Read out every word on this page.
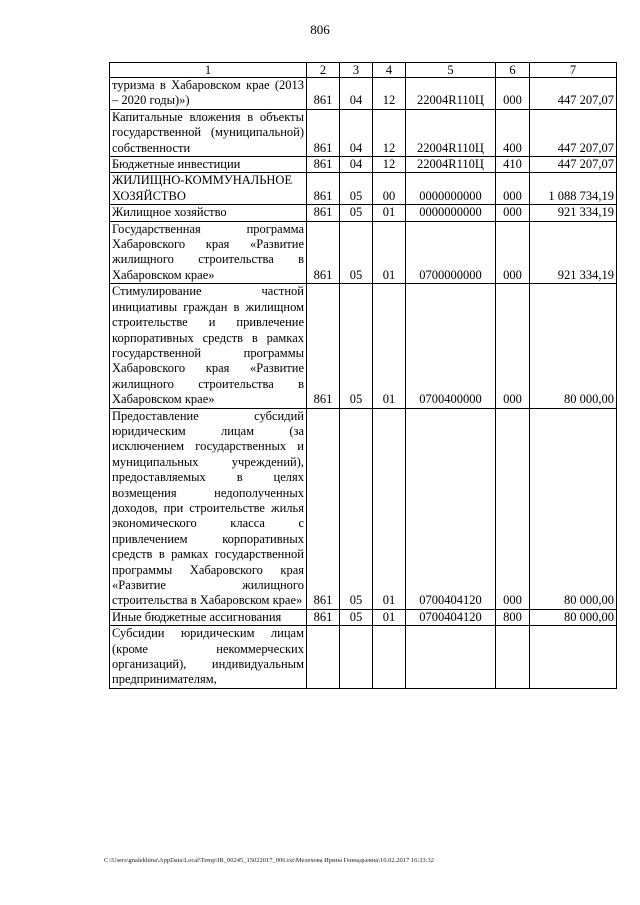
806
1	2	3	4	5	6	7

туризма в Хабаровском крае (2013 – 2020 годы)»)	861	04	12	22004R110Ц	000	447 207,07

Капитальные вложения в объекты государственной (муниципальной) собственности	861	04	12	22004R110Ц	400	447 207,07

Бюджетные инвестиции	861	04	12	22004R110Ц	410	447 207,07

ЖИЛИЩНО-КОММУНАЛЬНОЕ ХОЗЯЙСТВО	861	05	00	0000000000	000	1 088 734,19

Жилищное хозяйство	861	05	01	0000000000	000	921 334,19

Государственная программа Хабаровского края «Развитие жилищного строительства в Хабаровском крае»	861	05	01	0700000000	000	921 334,19

Стимулирование частной инициативы граждан в жилищном строительстве и привлечение корпоративных средств в рамках государственной программы Хабаровского края «Развитие жилищного строительства в Хабаровском крае»	861	05	01	0700400000	000	80 000,00

Предоставление субсидий юридическим лицам (за исключением государственных и муниципальных учреждений), предоставляемых в целях возмещения недополученных доходов, при строительстве жилья экономического класса с привлечением корпоративных средств в рамках государственной программы Хабаровского края «Развитие жилищного строительства в Хабаровском крае»	861	05	01	0700404120	000	80 000,00

Иные бюджетные ассигнования	861	05	01	0700404120	800	80 000,00

Субсидии юридическим лицам (кроме некоммерческих организаций), индивидуальным предпринимателям,						

C:\Users\gnalekhina\AppData\Local\Temp\IR_00245_15022017_006.txt\Мелехова Ирина Геннадьевна\16.02.2017 16:33:32
